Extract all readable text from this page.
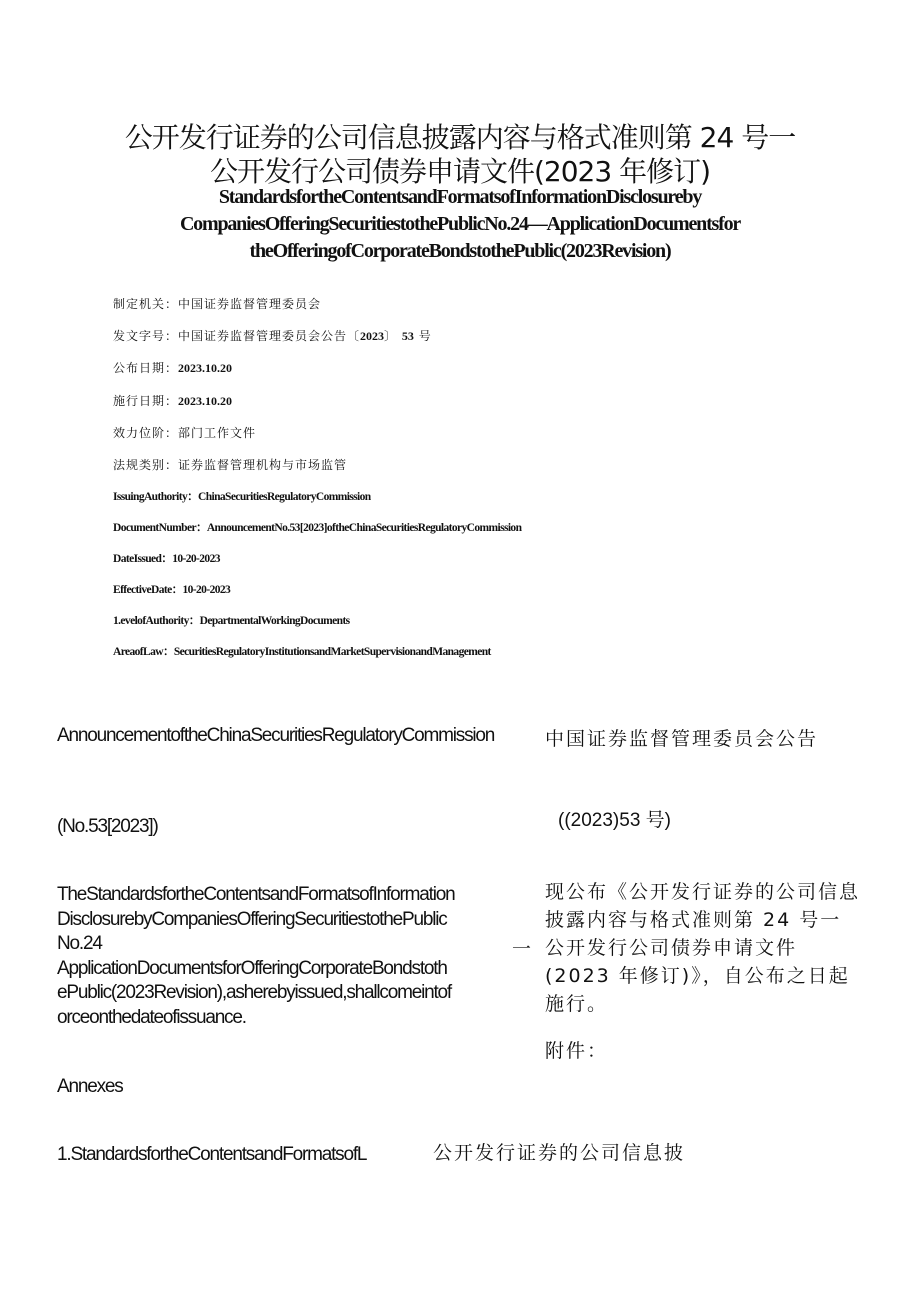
公开发行证券的公司信息披露内容与格式准则第 24 号一
公开发行公司债券申请文件(2023 年修订)
StandardsfortheContentsandFormatsofInformationDisclosureby
CompaniesOfferingSecuritiestothePublicNo.24—ApplicationDocumentsfor
theOfferingofCorporateBondstothePublic(2023Revision)
制定机关：中国证券监督管理委员会
发文字号：中国证券监督管理委员会公告〔2023〕 53 号
公布日期：2023.10.20
施行日期：2023.10.20
效力位阶：部门工作文件
法规类别：证券监督管理机构与市场监管
IssuingAuthority：ChinaSecuritiesRegulatoryCommission
DocumentNumber：AnnouncementNo.53[2023]oftheChinaSecuritiesRegulatoryCommission
DateIssued：10-20-2023
EffectiveDate：10-20-2023
1.evelofAuthority：DepartmentalWorkingDocuments
AreaofLaw：SecuritiesRegulatoryInstitutionsandMarketSupervisionandManagement
AnnouncementoftheChinaSecuritiesRegulatoryCommission
(No.53[2023])
TheStandardsfortheContentsandFormatsofInformation
DisclosurebyCompaniesOfferingSecuritiestothePublic
No.24
ApplicationDocumentsforOfferingCorporateBondstoth
ePublic(2023Revision),asherebyissued,shallcomeintof
orceonthedateofissuance.
Annexes
1.StandardsfortheContentsandFormatsofL
中国证券监督管理委员会公告
((2023)53 号)
现公布《公开发行证券的公司信息披露内容与格式准则第 24 号一公开发行公司债券申请文件(2023 年修订)》，自公布之日起施行。
一
附件：
公开发行证券的公司信息披
